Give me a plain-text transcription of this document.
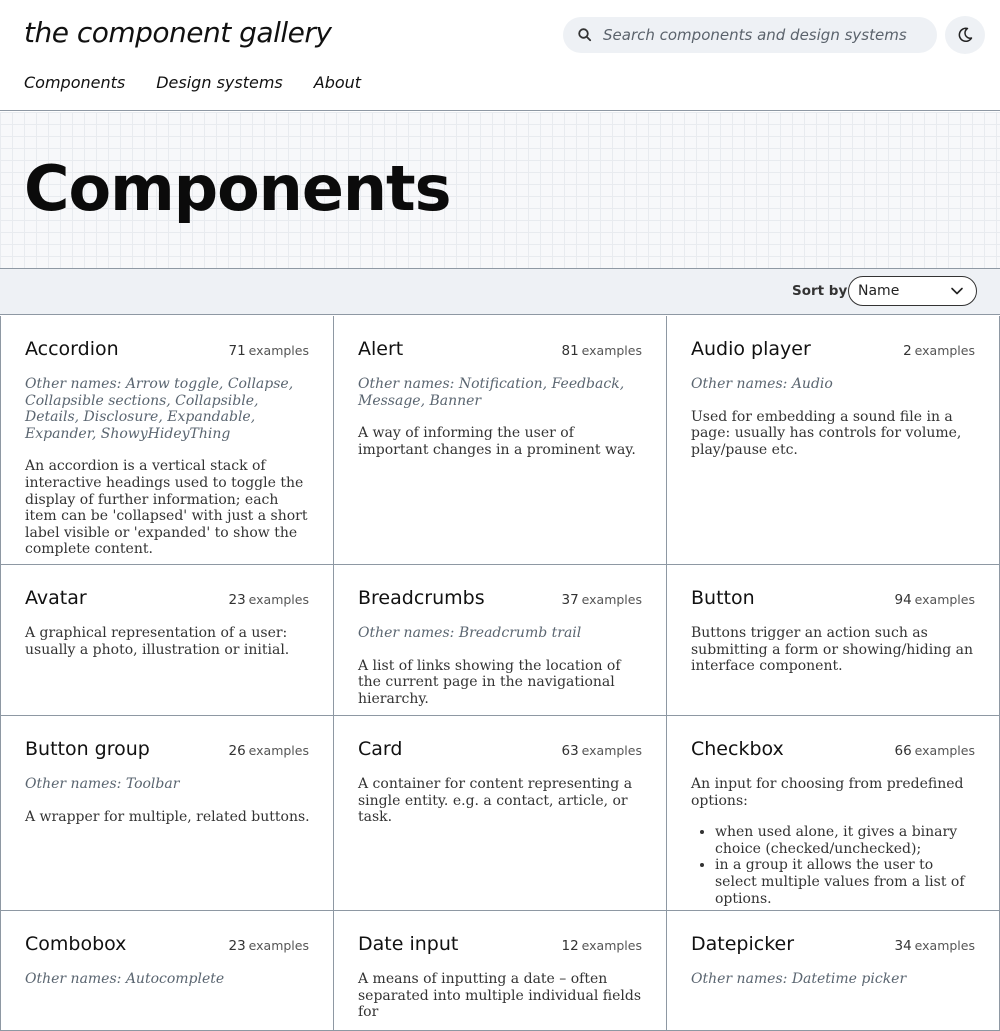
the component gallery
Search components and design systems
Components Design systems About
Components
Sort by Name
Accordion	71 examples
Other names: Arrow toggle, Collapse, Collapsible sections, Collapsible, Details, Disclosure, Expandable, Expander, ShowyHideyThing
An accordion is a vertical stack of interactive headings used to toggle the display of further information; each item can be 'collapsed' with just a short label visible or 'expanded' to show the complete content.
Alert	81 examples
Other names: Notification, Feedback, Message, Banner
A way of informing the user of important changes in a prominent way.
Audio player	2 examples
Other names: Audio
Used for embedding a sound file in a page: usually has controls for volume, play/pause etc.
Avatar	23 examples
A graphical representation of a user: usually a photo, illustration or initial.
Breadcrumbs	37 examples
Other names: Breadcrumb trail
A list of links showing the location of the current page in the navigational hierarchy.
Button	94 examples
Buttons trigger an action such as submitting a form or showing/hiding an interface component.
Button group	26 examples
Other names: Toolbar
A wrapper for multiple, related buttons.
Card	63 examples
A container for content representing a single entity. e.g. a contact, article, or task.
Checkbox	66 examples
An input for choosing from predefined options:
• when used alone, it gives a binary choice (checked/unchecked);
• in a group it allows the user to select multiple values from a list of options.
Combobox	23 examples
Other names: Autocomplete
Date input	12 examples
A means of inputting a date – often separated into multiple individual fields for
Datepicker	34 examples
Other names: Datetime picker
